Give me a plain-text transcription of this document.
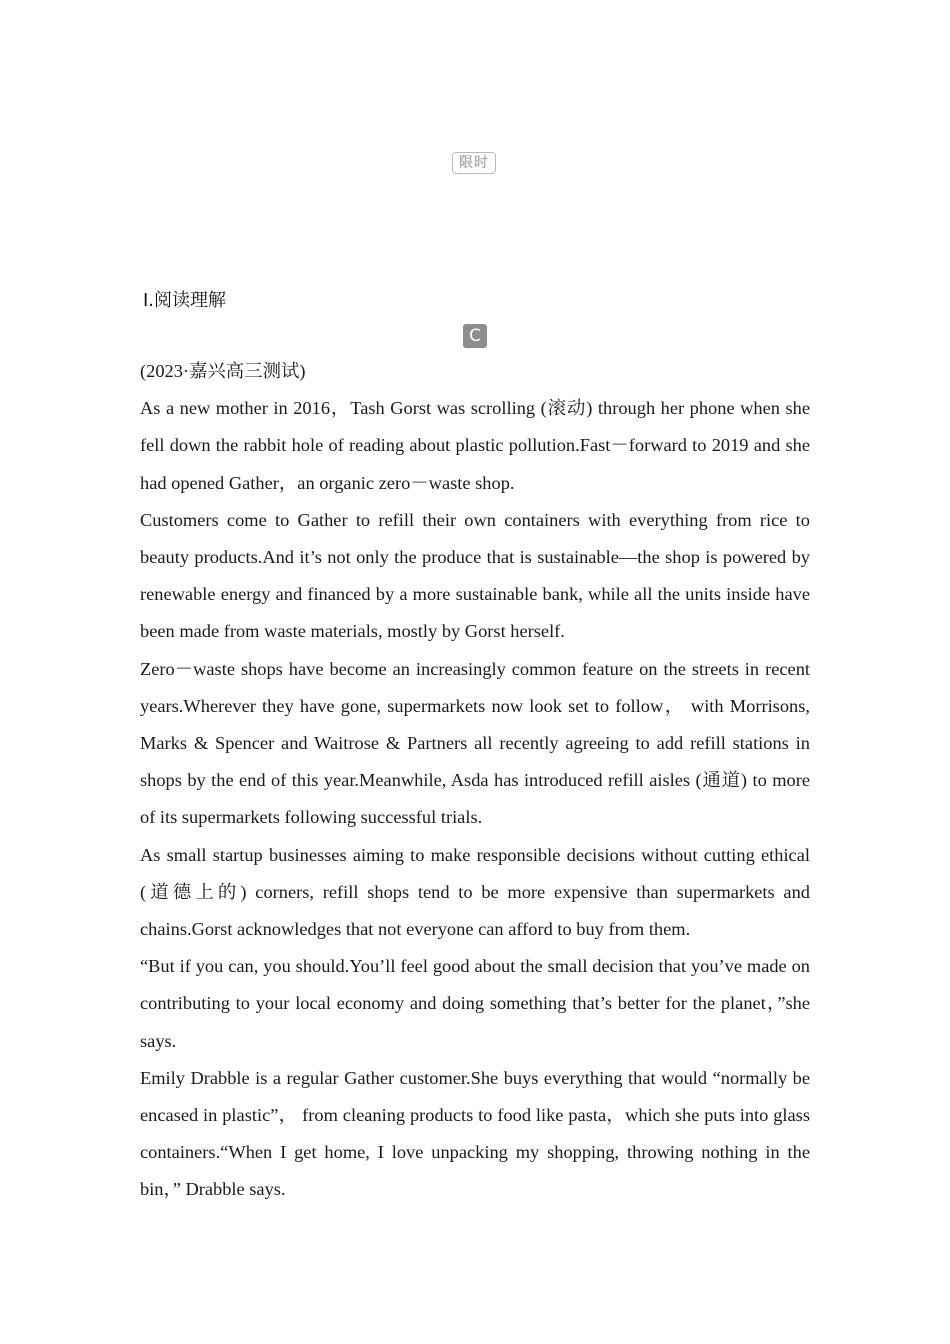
限时
Ⅰ.阅读理解
C

(2023·嘉兴高三测试)

As a new mother in 2016，Tash Gorst was scrolling (滚动) through her phone when she fell down the rabbit hole of reading about plastic pollution.Fast－forward to 2019 and she had opened Gather，an organic zero－waste shop.

Customers come to Gather to refill their own containers with everything from rice to beauty products.And it’s not only the produce that is sustainable—the shop is powered by renewable energy and financed by a more sustainable bank, while all the units inside have been made from waste materials, mostly by Gorst herself.

Zero－waste shops have become an increasingly common feature on the streets in recent years.Wherever they have gone, supermarkets now look set to follow， with Morrisons, Marks & Spencer and Waitrose & Partners all recently agreeing to add refill stations in shops by the end of this year.Meanwhile, Asda has introduced refill aisles (通道) to more of its supermarkets following successful trials.

As small startup businesses aiming to make responsible decisions without cutting ethical (道德上的) corners, refill shops tend to be more expensive than supermarkets and chains.Gorst acknowledges that not everyone can afford to buy from them.

“But if you can, you should.You’ll feel good about the small decision that you’ve made on contributing to your local economy and doing something that’s better for the planet，”she says.

Emily Drabble is a regular Gather customer.She buys everything that would “normally be encased in plastic”， from cleaning products to food like pasta，which she puts into glass containers.“When I get home, I love unpacking my shopping, throwing nothing in the bin，” Drabble says.
